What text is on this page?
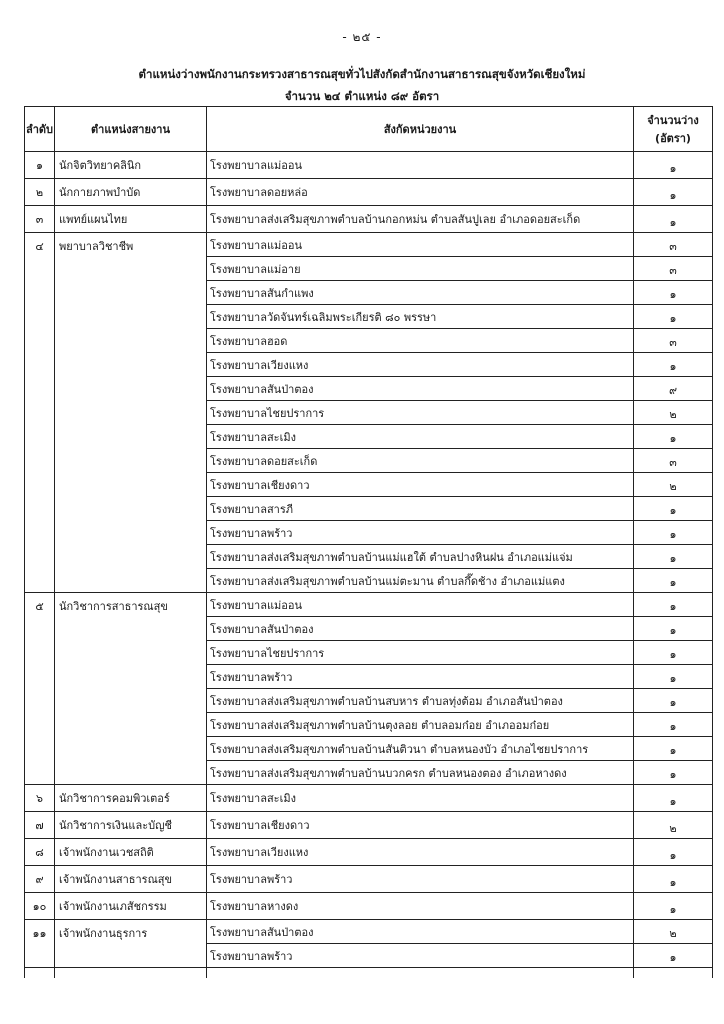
- ๒๕ -
ตำแหน่งว่างพนักงานกระทรวงสาธารณสุขทั่วไปสังกัดสำนักงานสาธารณสุขจังหวัดเชียงใหม่
จำนวน ๒๔ ตำแหน่ง ๘๙ อัตรา
ลำดับ	ตำแหน่งสายงาน	สังกัดหน่วยงาน	จำนวนว่าง
(อัตรา)

๑	นักจิตวิทยาคลินิก	โรงพยาบาลแม่ออน	๑
๒	นักกายภาพบำบัด	โรงพยาบาลดอยหล่อ	๑
๓	แพทย์แผนไทย	โรงพยาบาลส่งเสริมสุขภาพตำบลบ้านกอกหม่น ตำบลสันปูเลย อำเภอดอยสะเก็ด	๑
๔	พยาบาลวิชาชีพ	โรงพยาบาลแม่ออน	๓
		โรงพยาบาลแม่อาย	๓
		โรงพยาบาลสันกำแพง	๑
		โรงพยาบาลวัดจันทร์เฉลิมพระเกียรติ ๘๐ พรรษา	๑
		โรงพยาบาลฮอด	๓
		โรงพยาบาลเวียงแหง	๑
		โรงพยาบาลสันป่าตอง	๙
		โรงพยาบาลไชยปราการ	๒
		โรงพยาบาลสะเมิง	๑
		โรงพยาบาลดอยสะเก็ด	๓
		โรงพยาบาลเชียงดาว	๒
		โรงพยาบาลสารภี	๑
		โรงพยาบาลพร้าว	๑
		โรงพยาบาลส่งเสริมสุขภาพตำบลบ้านแม่แฮใต้ ตำบลปางหินฝน อำเภอแม่แจ่ม	๑
		โรงพยาบาลส่งเสริมสุขภาพตำบลบ้านแม่ตะมาน ตำบลกึ๊ดช้าง อำเภอแม่แตง	๑
๕	นักวิชาการสาธารณสุข	โรงพยาบาลแม่ออน	๑
		โรงพยาบาลสันป่าตอง	๑
		โรงพยาบาลไชยปราการ	๑
		โรงพยาบาลพร้าว	๑
		โรงพยาบาลส่งเสริมสุขภาพตำบลบ้านสบหาร ตำบลทุ่งต้อม อำเภอสันป่าตอง	๑
		โรงพยาบาลส่งเสริมสุขภาพตำบลบ้านตุงลอย ตำบลอมก๋อย อำเภออมก๋อย	๑
		โรงพยาบาลส่งเสริมสุขภาพตำบลบ้านสันติวนา ตำบลหนองบัว อำเภอไชยปราการ	๑
		โรงพยาบาลส่งเสริมสุขภาพตำบลบ้านบวกครก ตำบลหนองตอง อำเภอหางดง	๑
๖	นักวิชาการคอมพิวเตอร์	โรงพยาบาลสะเมิง	๑
๗	นักวิชาการเงินและบัญชี	โรงพยาบาลเชียงดาว	๒
๘	เจ้าพนักงานเวชสถิติ	โรงพยาบาลเวียงแหง	๑
๙	เจ้าพนักงานสาธารณสุข	โรงพยาบาลพร้าว	๑
๑๐	เจ้าพนักงานเภสัชกรรม	โรงพยาบาลหางดง	๑
๑๑	เจ้าพนักงานธุรการ	โรงพยาบาลสันป่าตอง	๒
		โรงพยาบาลพร้าว	๑
